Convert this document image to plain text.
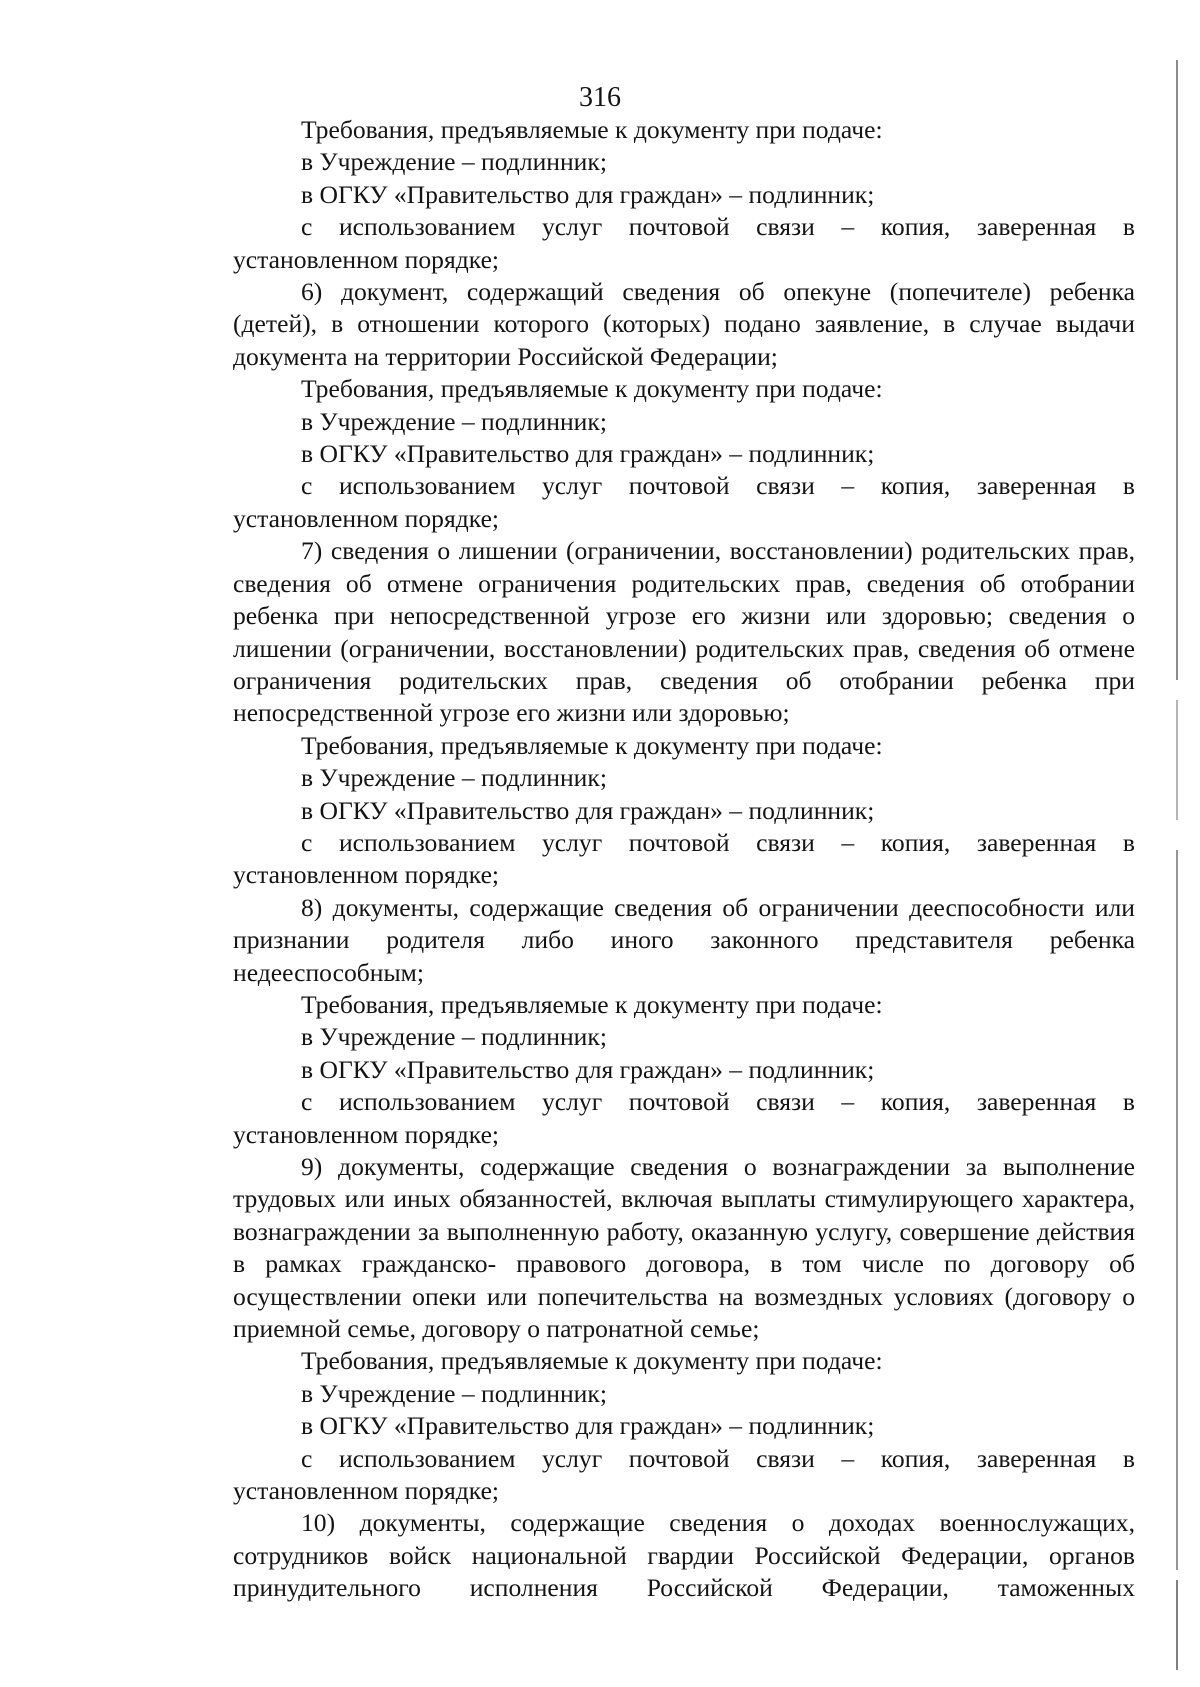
316

Требования, предъявляемые к документу при подаче:

в Учреждение – подлинник;

в ОГКУ «Правительство для граждан» – подлинник;

с использованием услуг почтовой связи – копия, заверенная в установленном порядке;

6) документ, содержащий сведения об опекуне (попечителе) ребенка (детей), в отношении которого (которых) подано заявление, в случае выдачи документа на территории Российской Федерации;

Требования, предъявляемые к документу при подаче:

в Учреждение – подлинник;

в ОГКУ «Правительство для граждан» – подлинник;

с использованием услуг почтовой связи – копия, заверенная в установленном порядке;

7) сведения о лишении (ограничении, восстановлении) родительских прав, сведения об отмене ограничения родительских прав, сведения об отобрании ребенка при непосредственной угрозе его жизни или здоровью; сведения о лишении (ограничении, восстановлении) родительских прав, сведения об отмене ограничения родительских прав, сведения об отобрании ребенка при непосредственной угрозе его жизни или здоровью;

Требования, предъявляемые к документу при подаче:

в Учреждение – подлинник;

в ОГКУ «Правительство для граждан» – подлинник;

с использованием услуг почтовой связи – копия, заверенная в установленном порядке;

8) документы, содержащие сведения об ограничении дееспособности или признании родителя либо иного законного представителя ребенка недееспособным;

Требования, предъявляемые к документу при подаче:

в Учреждение – подлинник;

в ОГКУ «Правительство для граждан» – подлинник;

с использованием услуг почтовой связи – копия, заверенная в установленном порядке;

9) документы, содержащие сведения о вознаграждении за выполнение трудовых или иных обязанностей, включая выплаты стимулирующего характера, вознаграждении за выполненную работу, оказанную услугу, совершение действия в рамках гражданско- правового договора, в том числе по договору об осуществлении опеки или попечительства на возмездных условиях (договору о приемной семье, договору о патронатной семье;

Требования, предъявляемые к документу при подаче:

в Учреждение – подлинник;

в ОГКУ «Правительство для граждан» – подлинник;

с использованием услуг почтовой связи – копия, заверенная в установленном порядке;

10) документы, содержащие сведения о доходах военнослужащих, сотрудников войск национальной гвардии Российской Федерации, органов принудительного исполнения Российской Федерации, таможенных
